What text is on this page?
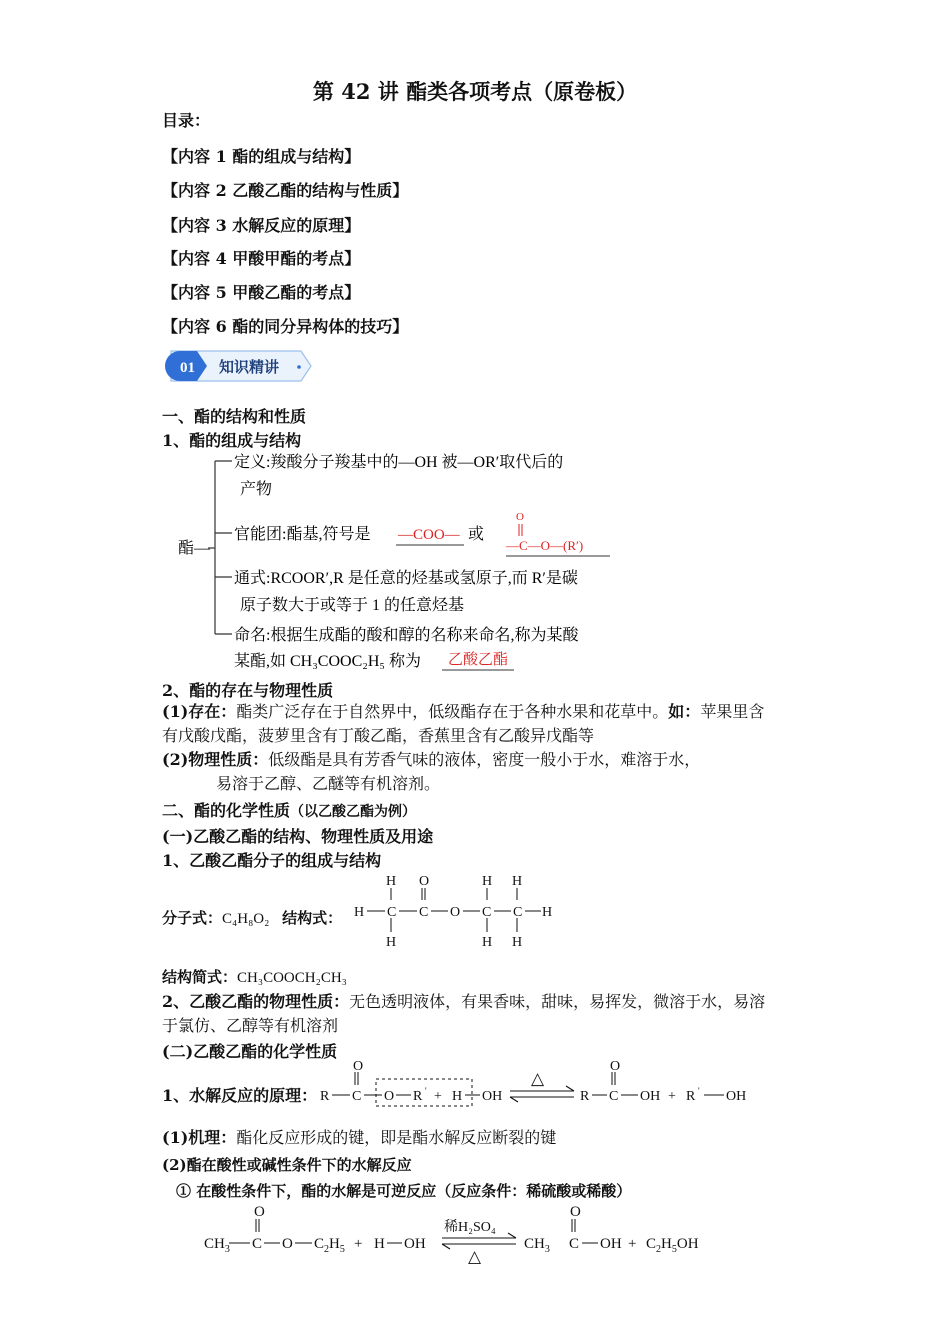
第 42 讲 酯类各项考点（原卷板）
目录：
【内容 1 酯的组成与结构】
【内容 2 乙酸乙酯的结构与性质】
【内容 3 水解反应的原理】
【内容 4 甲酸甲酯的考点】
【内容 5 甲酸乙酯的考点】
【内容 6 酯的同分异构体的技巧】
01 知识精讲
一、酯的结构和性质
1、酯的组成与结构
酯—
定义:羧酸分子羧基中的—OH 被—OR′取代后的
产物
官能团:酯基,符号是 —COO— 或
O
—C—O—(R′)
通式:RCOOR′,R 是任意的烃基或氢原子,而 R′是碳
原子数大于或等于 1 的任意烃基
命名:根据生成酯的酸和醇的名称来命名,称为某酸
某酯,如 CH₃COOC₂H₅ 称为 乙酸乙酯
2、酯的存在与物理性质
(1)存在：酯类广泛存在于自然界中，低级酯存在于各种水果和花草中。如：苹果里含
有戊酸戊酯，菠萝里含有丁酸乙酯，香蕉里含有乙酸异戊酯等
(2)物理性质：低级酯是具有芳香气味的液体，密度一般小于水，难溶于水，
易溶于乙醇、乙醚等有机溶剂。
二、酯的化学性质（以乙酸乙酯为例）
(一)乙酸乙酯的结构、物理性质及用途
1、乙酸乙酯分子的组成与结构
分子式：C₄H₈O₂ 结构式：
H O	H H
H C C O C C H
H	H H
结构简式：CH₃COOCH₂CH₃
2、乙酸乙酯的物理性质：无色透明液体，有果香味，甜味，易挥发，微溶于水，易溶
于氯仿、乙醇等有机溶剂
(二)乙酸乙酯的化学性质
1、水解反应的原理：
O
R C O R ' + H OH	R
O
C OH + R ' OH
△
(1)机理：酯化反应形成的键，即是酯水解反应断裂的键
(2)酯在酸性或碱性条件下的水解反应
① 在酸性条件下，酯的水解是可逆反应（反应条件：稀硫酸或稀酸）
O
$CH_3$ C O $C_2H_5 + H$ OH	$CH_3$
O
C OH + $C_2H_5OH$
稀H₂SO₄
△
